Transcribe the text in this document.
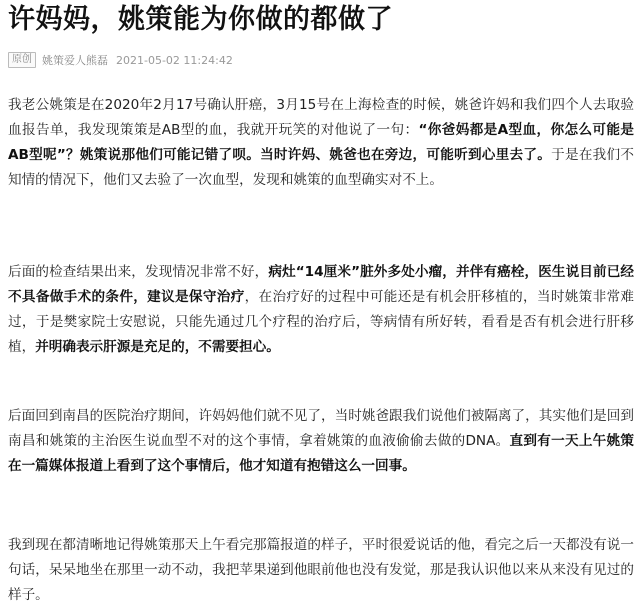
许妈妈，姚策能为你做的都做了
原创 姚策爱人熊磊 2021-05-02 11:24:42
我老公姚策是在2020年2月17号确认肝癌，3月15号在上海检查的时候，姚爸许妈和我们四个人去取验血报告单，我发现策策是AB型的血，我就开玩笑的对他说了一句：“你爸妈都是A型血，你怎么可能是AB型呢”？姚策说那他们可能记错了呗。当时许妈、姚爸也在旁边，可能听到心里去了。于是在我们不知情的情况下，他们又去验了一次血型，发现和姚策的血型确实对不上。
后面的检查结果出来，发现情况非常不好，病灶“14厘米”脏外多处小瘤，并伴有癌栓，医生说目前已经不具备做手术的条件，建议是保守治疗，在治疗好的过程中可能还是有机会肝移植的，当时姚策非常难过，于是樊家院士安慰说，只能先通过几个疗程的治疗后，等病情有所好转，看看是否有机会进行肝移植，并明确表示肝源是充足的，不需要担心。
后面回到南昌的医院治疗期间，许妈妈他们就不见了，当时姚爸跟我们说他们被隔离了，其实他们是回到南昌和姚策的主治医生说血型不对的这个事情，拿着姚策的血液偷偷去做的DNA。直到有一天上午姚策在一篇媒体报道上看到了这个事情后，他才知道有抱错这么一回事。
我到现在都清晰地记得姚策那天上午看完那篇报道的样子，平时很爱说话的他，看完之后一天都没有说一句话，呆呆地坐在那里一动不动，我把苹果递到他眼前他也没有发觉，那是我认识他以来从来没有见过的样子。
